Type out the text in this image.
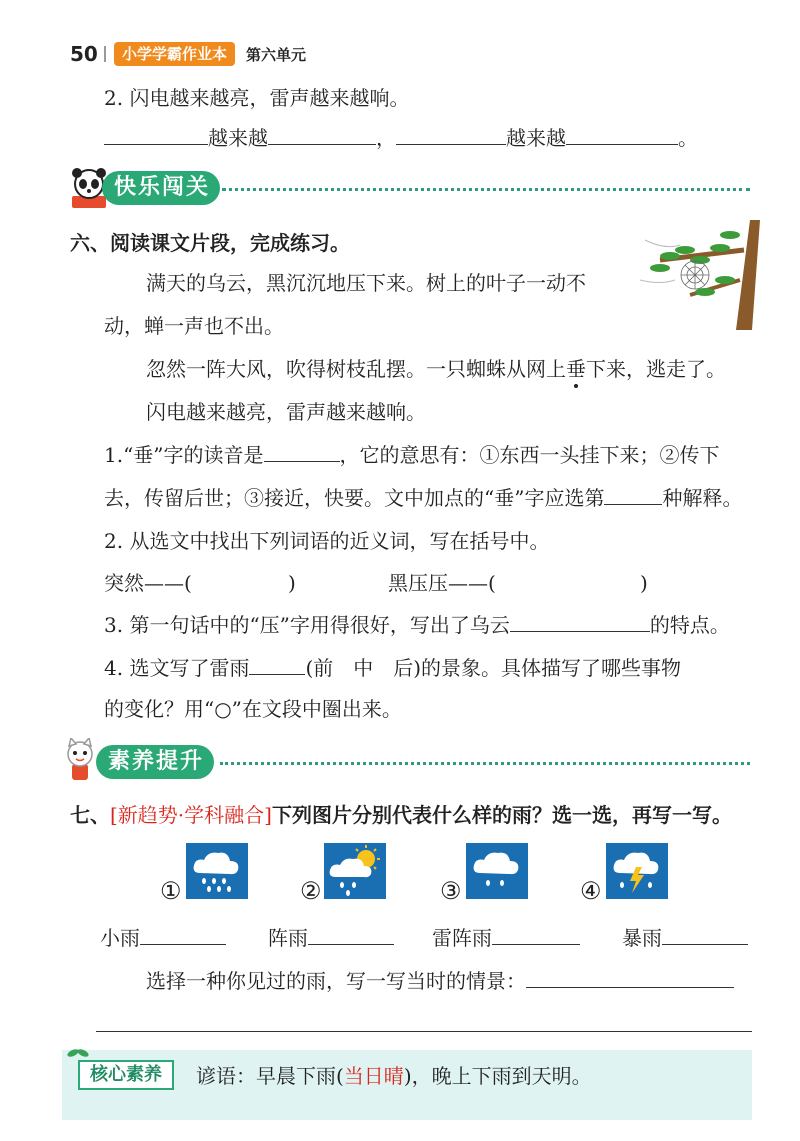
50	小学学霸作业本	第六单元
2. 闪电越来越亮，雷声越来越响。
越来越	，	越来越	。
快乐闯关
六、阅读课文片段，完成练习。
满天的乌云，黑沉沉地压下来。树上的叶子一动不
动，蝉一声也不出。
忽然一阵大风，吹得树枝乱摆。一只蜘蛛从网上垂下来，逃走了。
闪电越来越亮，雷声越来越响。
1.“垂”字的读音是	，它的意思有：①东西一头挂下来；②传下
去，传留后世；③接近，快要。文中加点的“垂”字应选第	种解释。
2. 从选文中找出下列词语的近义词，写在括号中。
突然——(	)	黑压压——(	)
3. 第一句话中的“压”字用得很好，写出了乌云	的特点。
4. 选文写了雷雨	(前　中　后)的景象。具体描写了哪些事物
的变化？用“○”在文段中圈出来。
素养提升
七、[新趋势·学科融合]下列图片分别代表什么样的雨？选一选，再写一写。
①	②	③	④
小雨	阵雨	雷阵雨	暴雨
选择一种你见过的雨，写一写当时的情景：
核心素养	谚语：早晨下雨(当日晴)，晚上下雨到天明。
